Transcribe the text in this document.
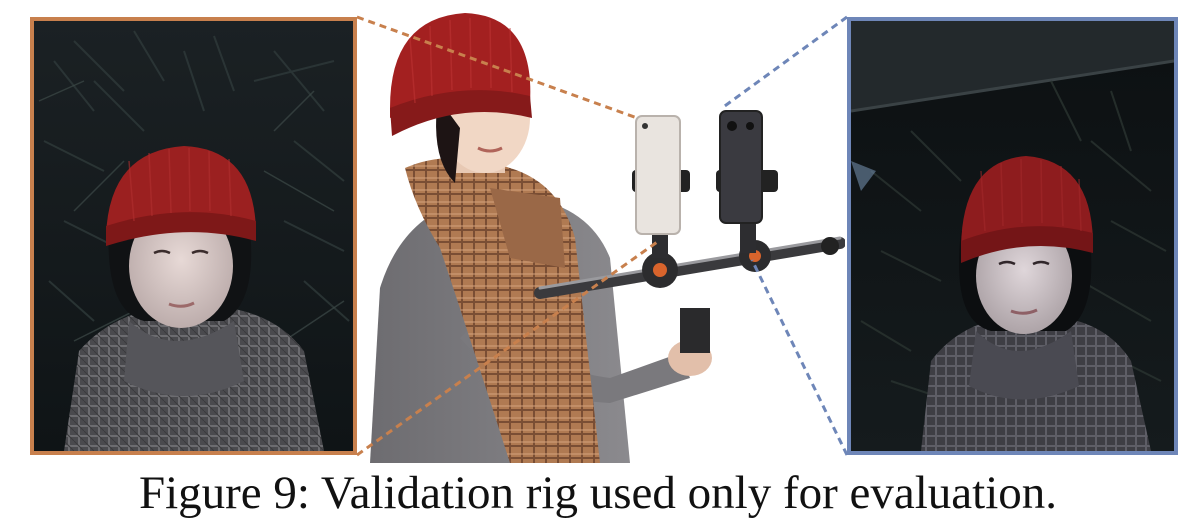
Figure 9: Validation rig used only for evaluation.
